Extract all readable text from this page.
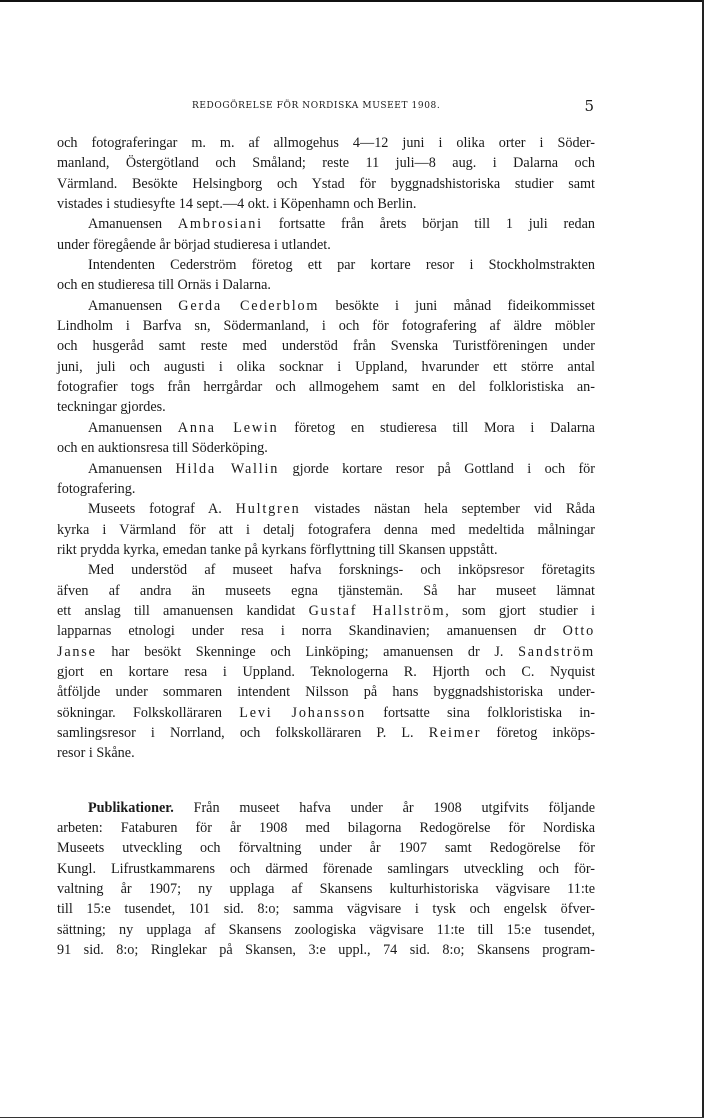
REDOGÖRELSE FÖR NORDISKA MUSEET 1908.	5
och fotograferingar m. m. af allmogehus 4—12 juni i olika orter i Söder-
manland, Östergötland och Småland; reste 11 juli—8 aug. i Dalarna och
Värmland. Besökte Helsingborg och Ystad för byggnadshistoriska studier samt
vistades i studiesyfte 14 sept.—4 okt. i Köpenhamn och Berlin.
Amanuensen Ambrosiani fortsatte från årets början till 1 juli redan
under föregående år börjad studieresa i utlandet.
Intendenten Cederström företog ett par kortare resor i Stockholmstrakten
och en studieresa till Ornäs i Dalarna.
Amanuensen Gerda Cederblom besökte i juni månad fideikommisset
Lindholm i Barfva sn, Södermanland, i och för fotografering af äldre möbler
och husgeråd samt reste med understöd från Svenska Turistföreningen under
juni, juli och augusti i olika socknar i Uppland, hvarunder ett större antal
fotografier togs från herrgårdar och allmogehem samt en del folkloristiska an-
teckningar gjordes.
Amanuensen Anna Lewin företog en studieresa till Mora i Dalarna
och en auktionsresa till Söderköping.
Amanuensen Hilda Wallin gjorde kortare resor på Gottland i och för
fotografering.
Museets fotograf A. Hultgren vistades nästan hela september vid Råda
kyrka i Värmland för att i detalj fotografera denna med medeltida målningar
rikt prydda kyrka, emedan tanke på kyrkans förflyttning till Skansen uppstått.
Med understöd af museet hafva forsknings- och inköpsresor företagits
äfven af andra än museets egna tjänstemän. Så har museet lämnat
ett anslag till amanuensen kandidat Gustaf Hallström, som gjort studier i
lapparnas etnologi under resa i norra Skandinavien; amanuensen dr Otto
Janse har besökt Skenninge och Linköping; amanuensen dr J. Sandström
gjort en kortare resa i Uppland. Teknologerna R. Hjorth och C. Nyquist
åtföljde under sommaren intendent Nilsson på hans byggnadshistoriska under-
sökningar. Folkskolläraren Levi Johansson fortsatte sina folkloristiska in-
samlingsresor i Norrland, och folkskolläraren P. L. Reimer företog inköps-
resor i Skåne.
Publikationer. Från museet hafva under år 1908 utgifvits följande
arbeten: Fataburen för år 1908 med bilagorna Redogörelse för Nordiska
Museets utveckling och förvaltning under år 1907 samt Redogörelse för
Kungl. Lifrustkammarens och därmed förenade samlingars utveckling och för-
valtning år 1907; ny upplaga af Skansens kulturhistoriska vägvisare 11:te
till 15:e tusendet, 101 sid. 8:o; samma vägvisare i tysk och engelsk öfver-
sättning; ny upplaga af Skansens zoologiska vägvisare 11:te till 15:e tusendet,
91 sid. 8:o; Ringlekar på Skansen, 3:e uppl., 74 sid. 8:o; Skansens program-
